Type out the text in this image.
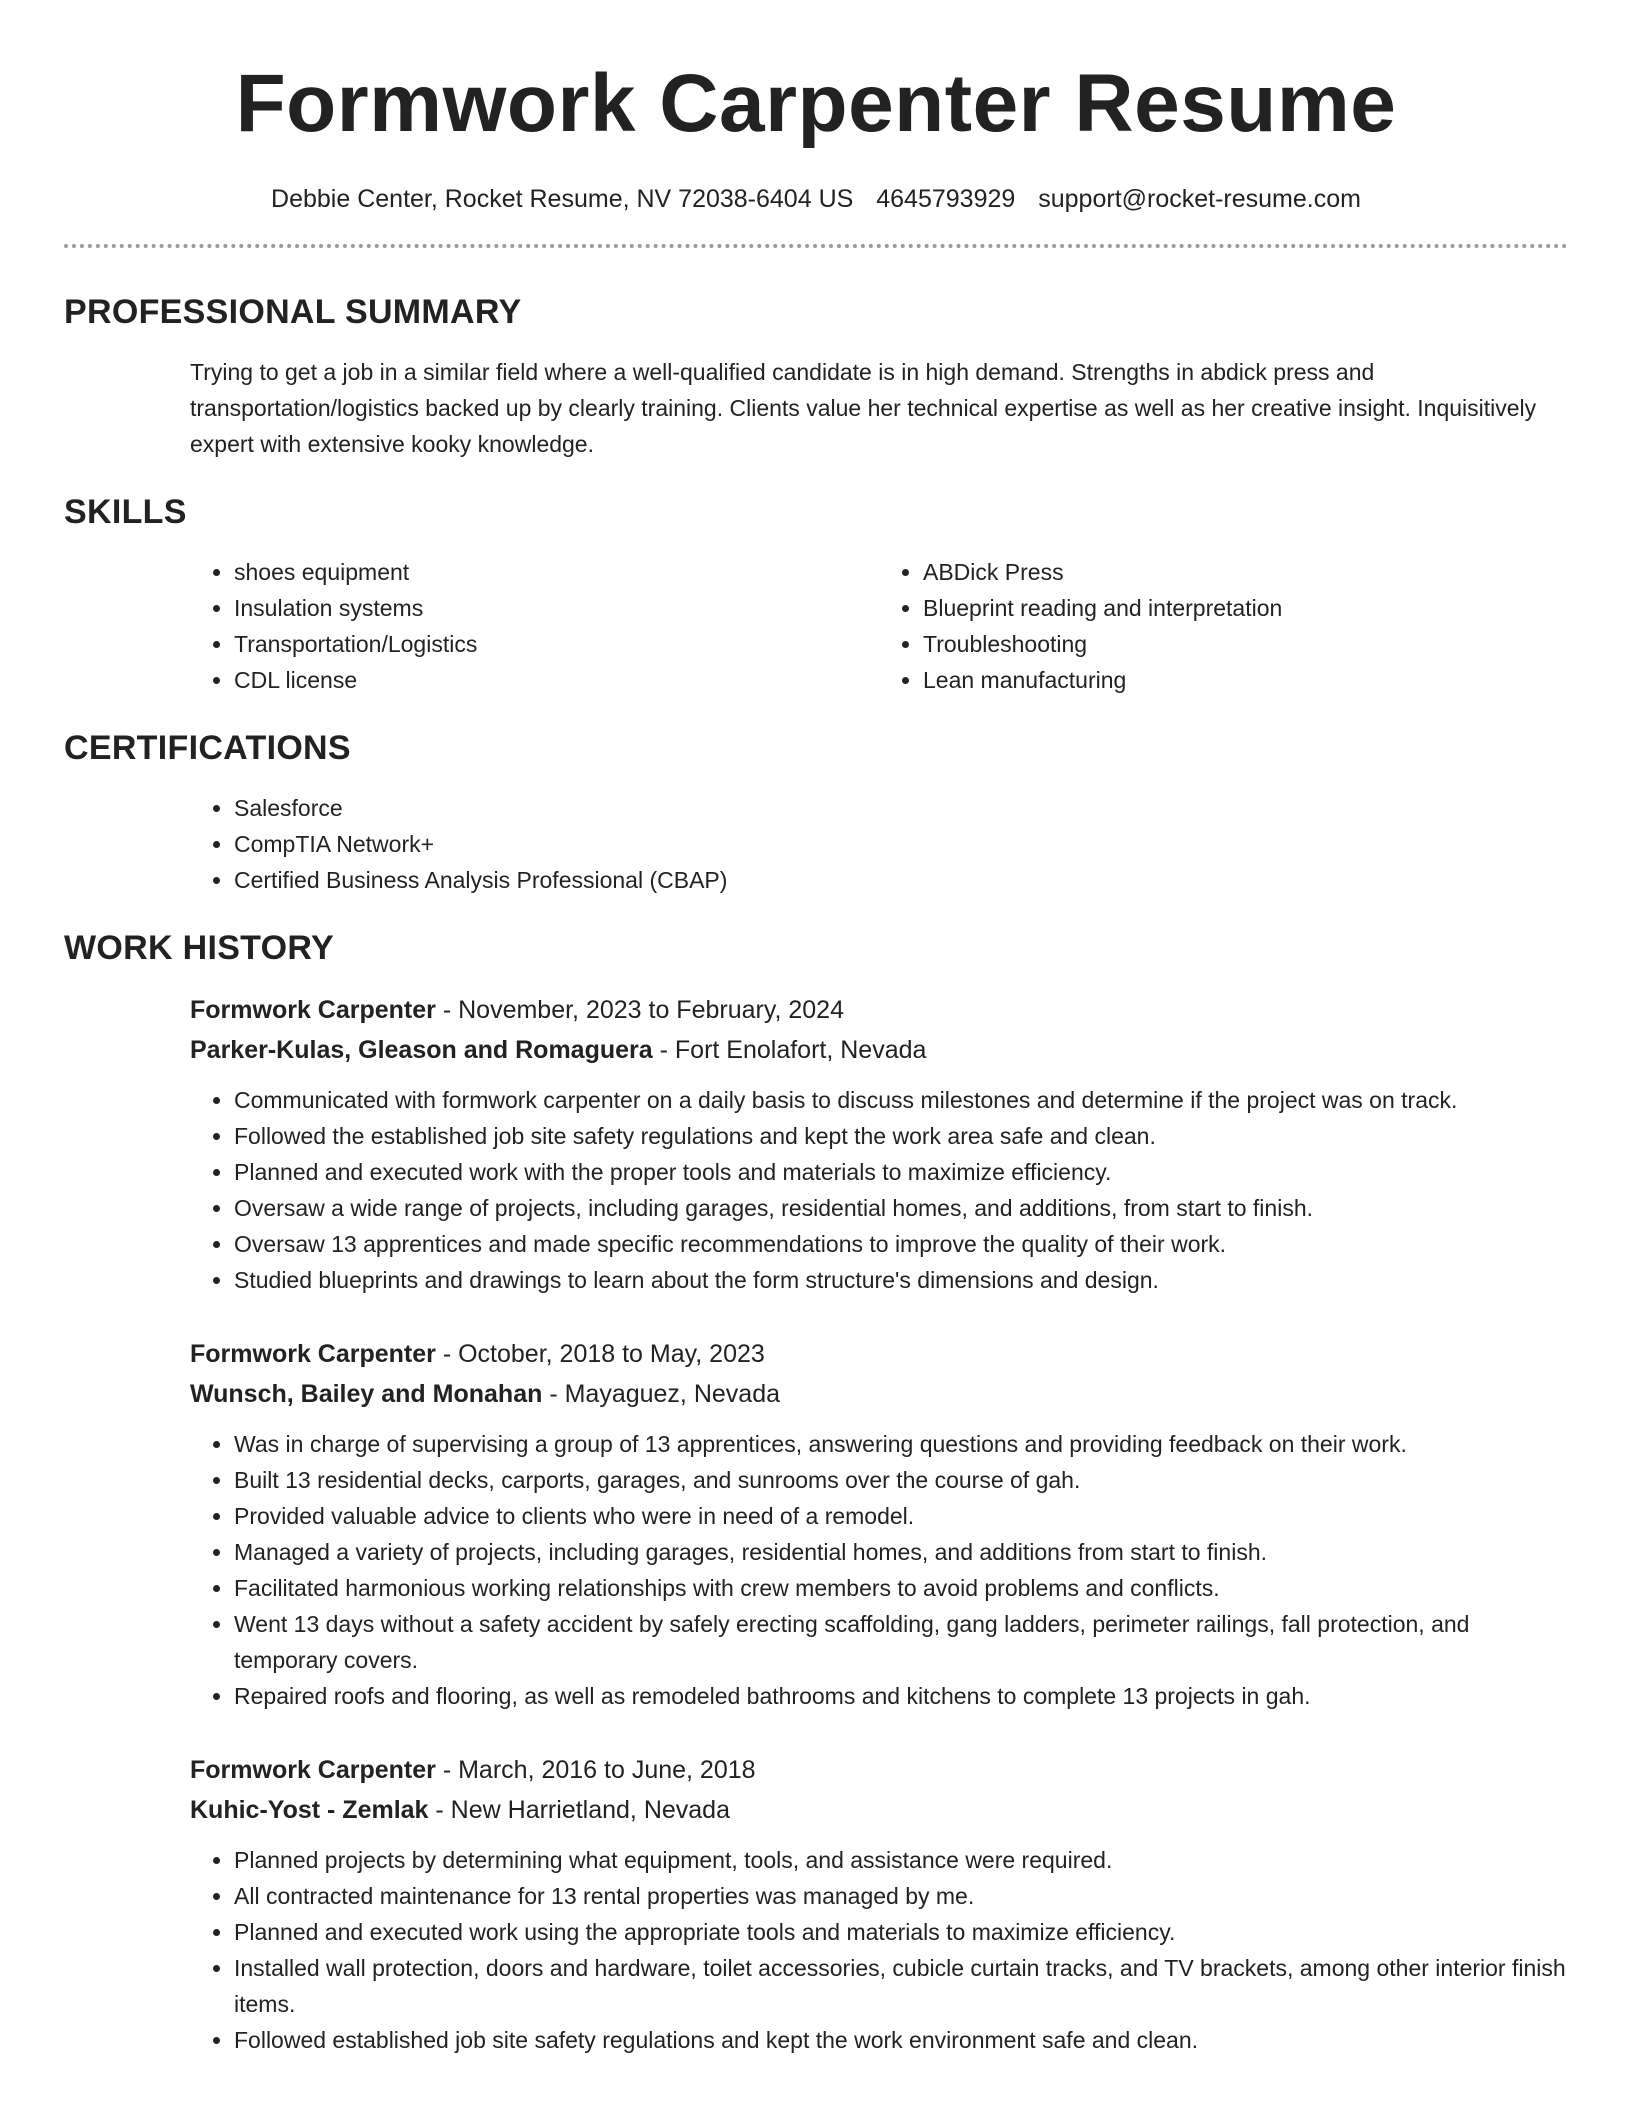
Formwork Carpenter Resume
Debbie Center, Rocket Resume, NV 72038-6404 US 4645793929 support@rocket-resume.com
PROFESSIONAL SUMMARY

Trying to get a job in a similar field where a well-qualified candidate is in high demand. Strengths in abdick press and transportation/logistics backed up by clearly training. Clients value her technical expertise as well as her creative insight. Inquisitively expert with extensive kooky knowledge.

SKILLS
• shoes equipment
• Insulation systems
• Transportation/Logistics
• CDL license
• ABDick Press
• Blueprint reading and interpretation
• Troubleshooting
• Lean manufacturing
CERTIFICATIONS
• Salesforce
• CompTIA Network+
• Certified Business Analysis Professional (CBAP)
WORK HISTORY
Formwork Carpenter - November, 2023 to February, 2024
Parker-Kulas, Gleason and Romaguera - Fort Enolafort, Nevada
• Communicated with formwork carpenter on a daily basis to discuss milestones and determine if the project was on track.
• Followed the established job site safety regulations and kept the work area safe and clean.
• Planned and executed work with the proper tools and materials to maximize efficiency.
• Oversaw a wide range of projects, including garages, residential homes, and additions, from start to finish.
• Oversaw 13 apprentices and made specific recommendations to improve the quality of their work.
• Studied blueprints and drawings to learn about the form structure's dimensions and design.
Formwork Carpenter - October, 2018 to May, 2023
Wunsch, Bailey and Monahan - Mayaguez, Nevada
• Was in charge of supervising a group of 13 apprentices, answering questions and providing feedback on their work.
• Built 13 residential decks, carports, garages, and sunrooms over the course of gah.
• Provided valuable advice to clients who were in need of a remodel.
• Managed a variety of projects, including garages, residential homes, and additions from start to finish.
• Facilitated harmonious working relationships with crew members to avoid problems and conflicts.
• Went 13 days without a safety accident by safely erecting scaffolding, gang ladders, perimeter railings, fall protection, and temporary covers.
• Repaired roofs and flooring, as well as remodeled bathrooms and kitchens to complete 13 projects in gah.
Formwork Carpenter - March, 2016 to June, 2018
Kuhic-Yost - Zemlak - New Harrietland, Nevada
• Planned projects by determining what equipment, tools, and assistance were required.
• All contracted maintenance for 13 rental properties was managed by me.
• Planned and executed work using the appropriate tools and materials to maximize efficiency.
• Installed wall protection, doors and hardware, toilet accessories, cubicle curtain tracks, and TV brackets, among other interior finish items.
• Followed established job site safety regulations and kept the work environment safe and clean.
